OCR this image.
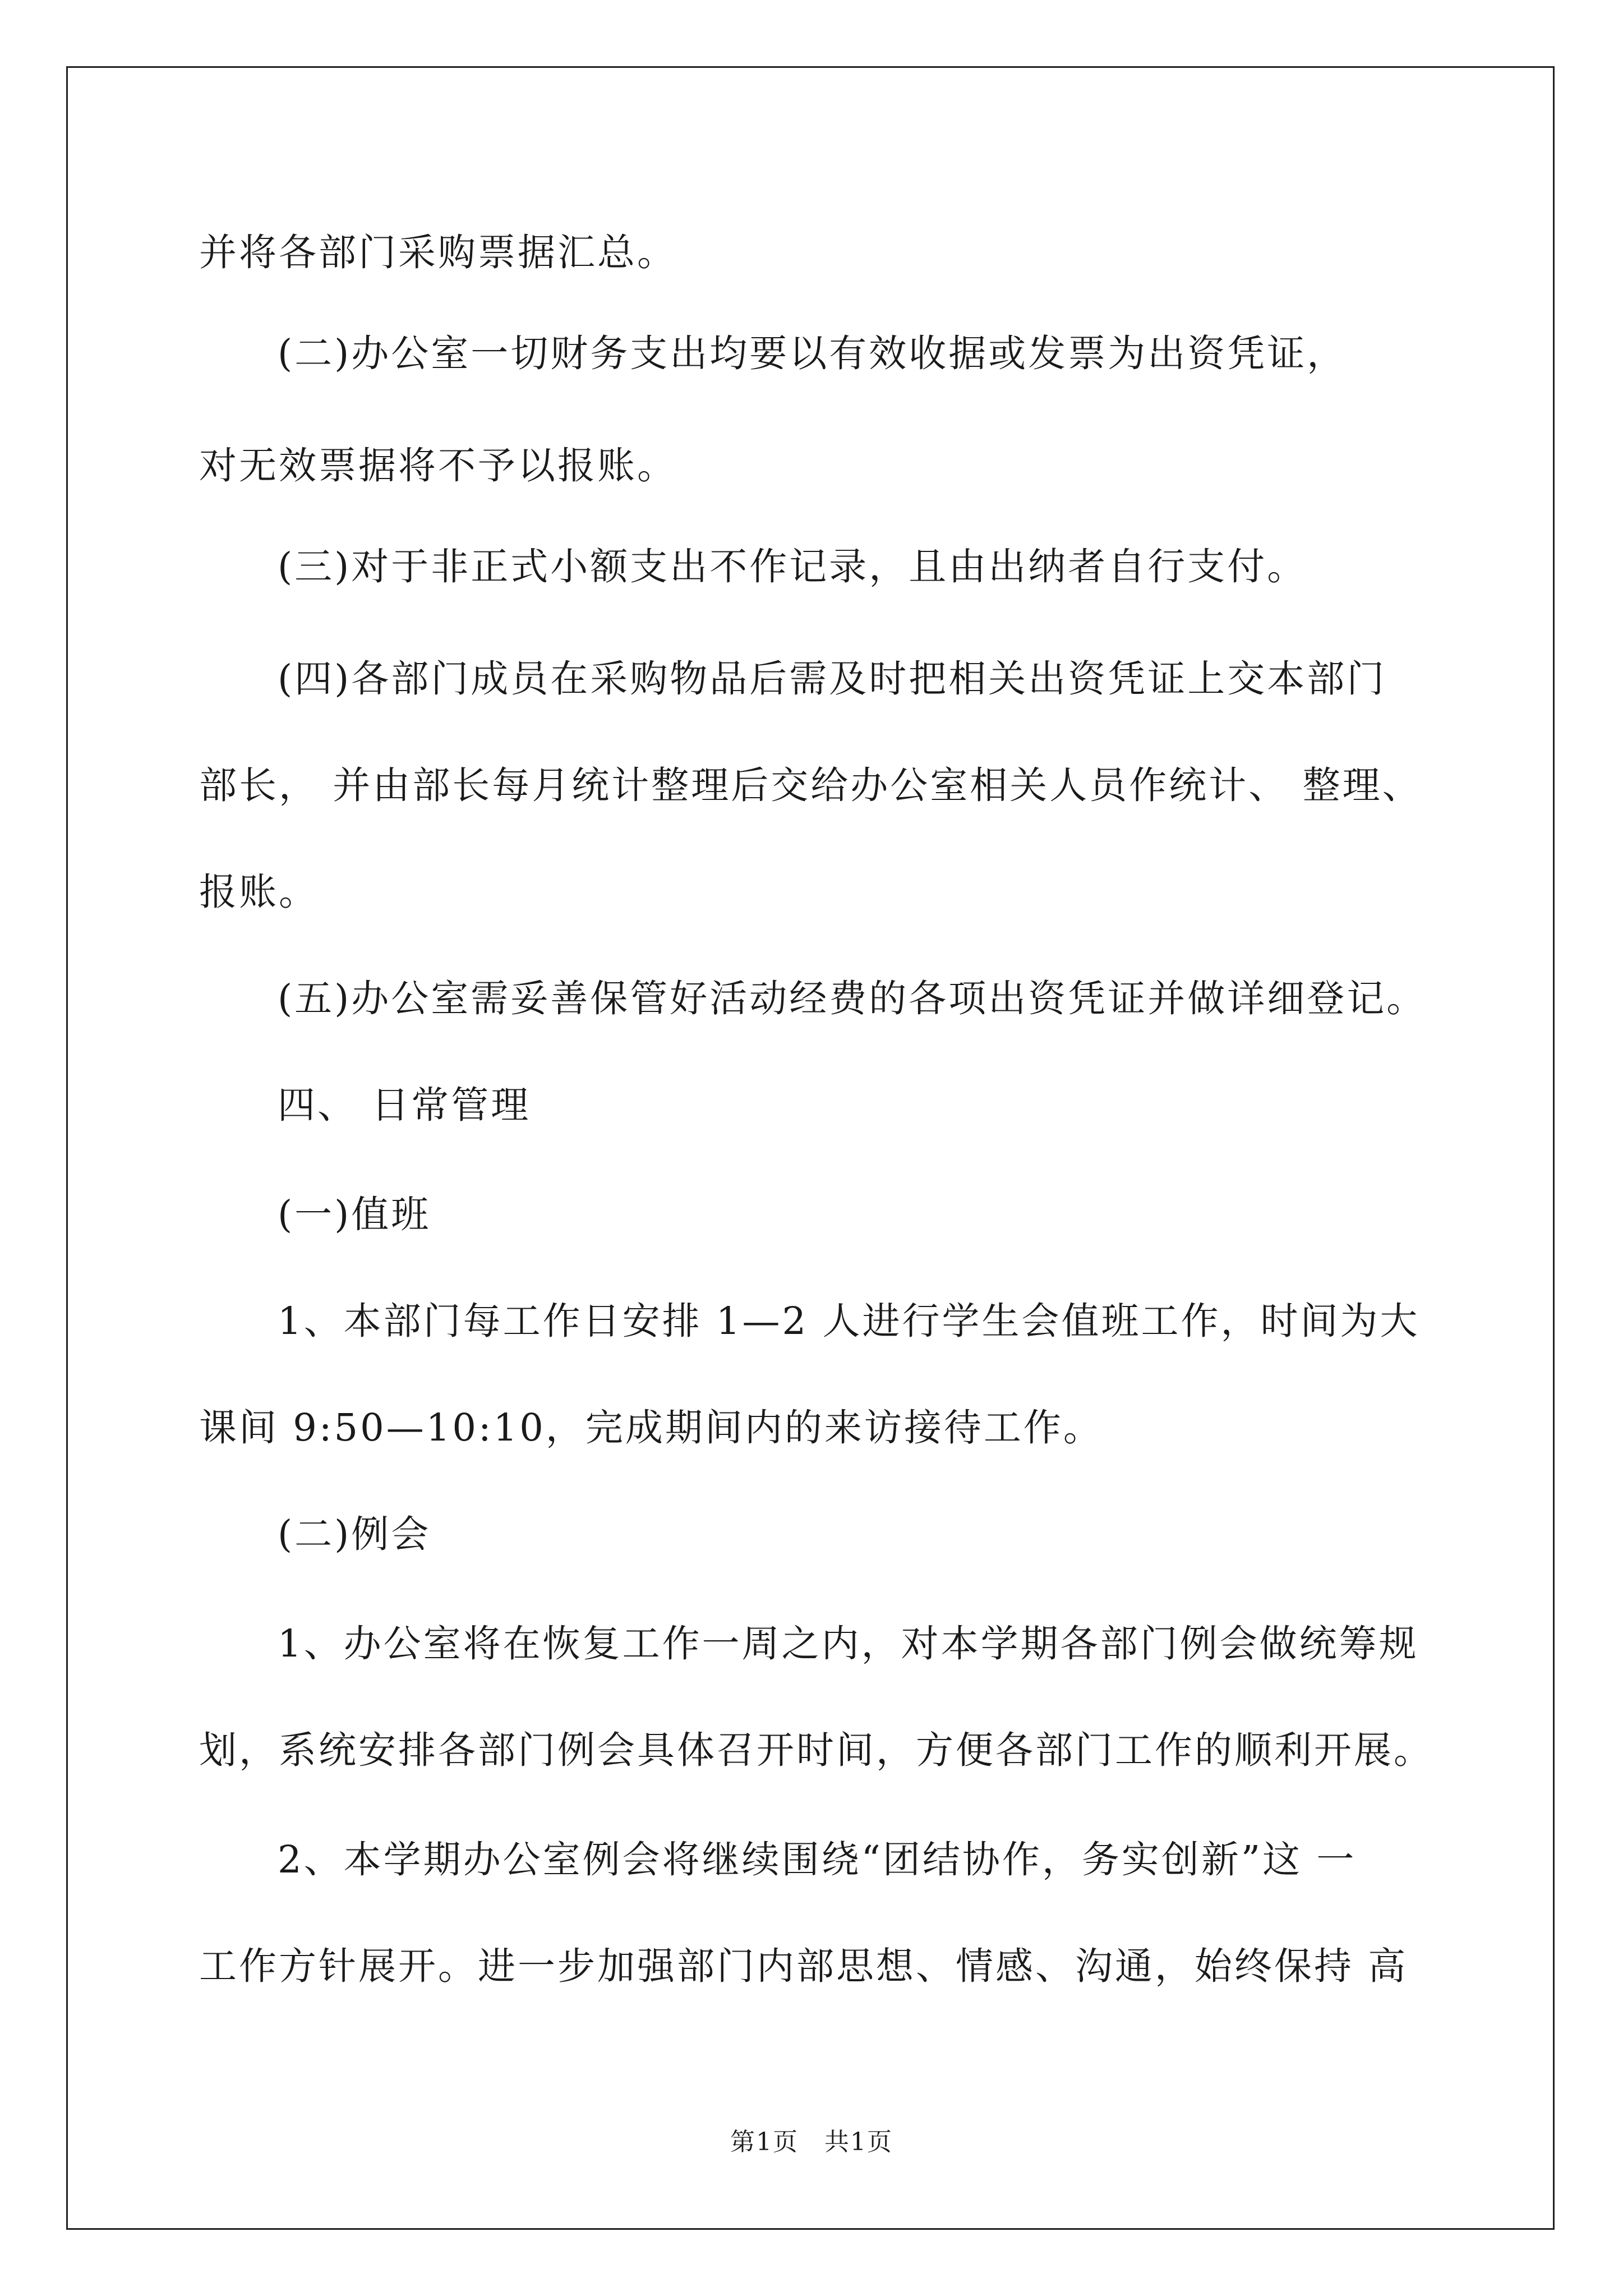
并将各部门采购票据汇总。
(二)办公室一切财务支出均要以有效收据或发票为出资凭证，
对无效票据将不予以报账。
(三)对于非正式小额支出不作记录，且由出纳者自行支付。
(四)各部门成员在采购物品后需及时把相关出资凭证上交本部门
部长， 并由部长每月统计整理后交给办公室相关人员作统计、 整理、
报账。
(五)办公室需妥善保管好活动经费的各项出资凭证并做详细登记。
四、 日常管理
(一)值班
1、本部门每工作日安排 1—2 人进行学生会值班工作，时间为大
课间 9:50—10:10，完成期间内的来访接待工作。
(二)例会
1、办公室将在恢复工作一周之内，对本学期各部门例会做统筹规
划，系统安排各部门例会具体召开时间，方便各部门工作的顺利开展。
2、本学期办公室例会将继续围绕“团结协作，务实创新”这 一
工作方针展开。进一步加强部门内部思想、情感、沟通，始终保持 高
第1页　共1页
